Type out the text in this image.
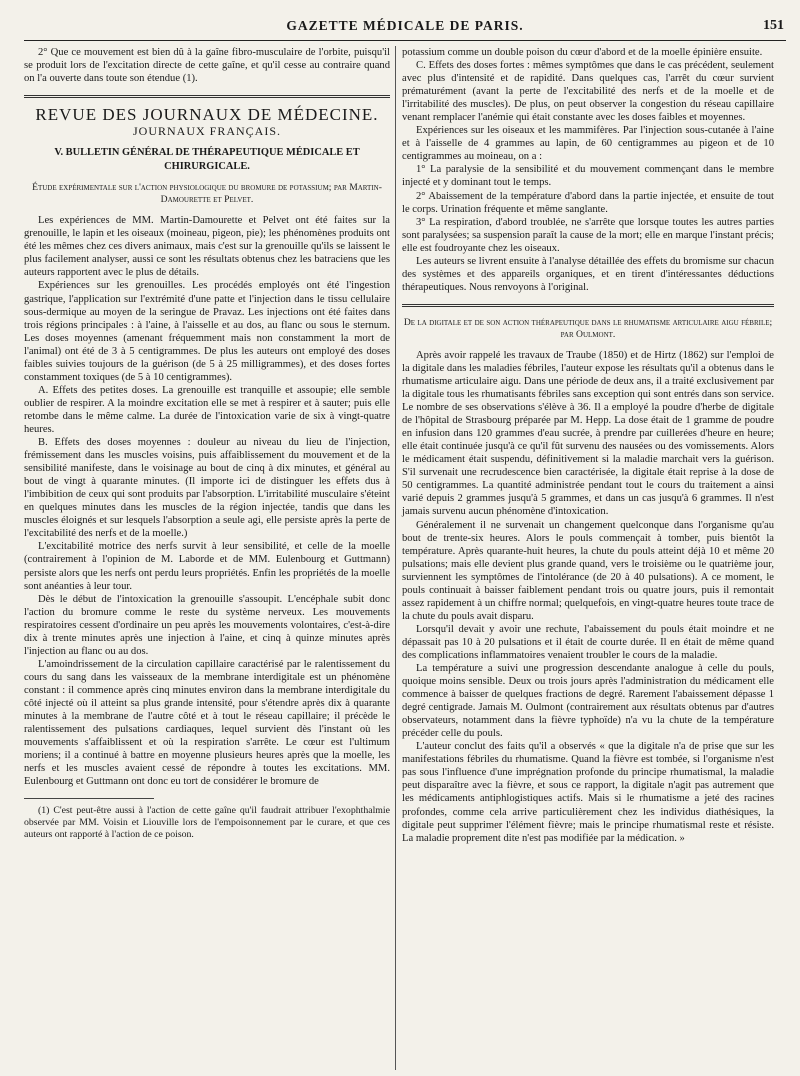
GAZETTE MÉDICALE DE PARIS.	151

2° Que ce mouvement est bien dû à la gaîne fibro-musculaire de l'orbite, puisqu'il se produit lors de l'excitation directe de cette gaîne, et qu'il cesse au contraire quand on l'a ouverte dans toute son étendue (1).

REVUE DES JOURNAUX DE MÉDECINE.
JOURNAUX FRANÇAIS.
V. BULLETIN GÉNÉRAL DE THÉRAPEUTIQUE MÉDICALE ET CHIRURGICALE.
Étude expérimentale sur l'action physiologique du bromure de potassium; par Martin-Damourette et Pelvet.

Les expériences de MM. Martin-Damourette et Pelvet ont été faites sur la grenouille, le lapin et les oiseaux (moineau, pigeon, pie); les phénomènes produits ont été les mêmes chez ces divers animaux, mais c'est sur la grenouille qu'ils se laissent le plus facilement analyser, aussi ce sont les résultats obtenus chez les batraciens que les auteurs rapportent avec le plus de détails.

Expériences sur les grenouilles. Les procédés employés ont été l'ingestion gastrique, l'application sur l'extrémité d'une patte et l'injection dans le tissu cellulaire sous-dermique au moyen de la seringue de Pravaz. Les injections ont été faites dans trois régions principales : à l'aine, à l'aisselle et au dos, au flanc ou sous le sternum. Les doses moyennes (amenant fréquemment mais non constamment la mort de l'animal) ont été de 3 à 5 centigrammes. De plus les auteurs ont employé des doses faibles suivies toujours de la guérison (de 5 à 25 milligrammes), et des doses fortes constamment toxiques (de 5 à 10 centigrammes).

A. Effets des petites doses. La grenouille est tranquille et assoupie; elle semble oublier de respirer. A la moindre excitation elle se met à respirer et à sauter; puis elle retombe dans le même calme. La durée de l'intoxication varie de six à vingt-quatre heures.

B. Effets des doses moyennes : douleur au niveau du lieu de l'injection, frémissement dans les muscles voisins, puis affaiblissement du mouvement et de la sensibilité manifeste, dans le voisinage au bout de cinq à dix minutes, et général au bout de vingt à quarante minutes. (Il importe ici de distinguer les effets dus à l'imbibition de ceux qui sont produits par l'absorption. L'irritabilité musculaire s'éteint en quelques minutes dans les muscles de la région injectée, tandis que dans les muscles éloignés et sur lesquels l'absorption a seule agi, elle persiste après la perte de l'excitabilité des nerfs et de la moelle.)

L'excitabilité motrice des nerfs survit à leur sensibilité, et celle de la moelle (contrairement à l'opinion de M. Laborde et de MM. Eulenbourg et Guttmann) persiste alors que les nerfs ont perdu leurs propriétés. Enfin les propriétés de la moelle sont anéanties à leur tour.

Dès le début de l'intoxication la grenouille s'assoupit. L'encéphale subit donc l'action du bromure comme le reste du système nerveux. Les mouvements respiratoires cessent d'ordinaire un peu après les mouvements volontaires, c'est-à-dire dix à trente minutes après une injection à l'aine, et cinq à quinze minutes après l'injection au flanc ou au dos.

L'amoindrissement de la circulation capillaire caractérisé par le ralentissement du cours du sang dans les vaisseaux de la membrane interdigitale est un phénomène constant : il commence après cinq minutes environ dans la membrane interdigitale du côté injecté où il atteint sa plus grande intensité, pour s'étendre après dix à quarante minutes à la membrane de l'autre côté et à tout le réseau capillaire; il précède le ralentissement des pulsations cardiaques, lequel survient dès l'instant où les mouvements s'affaiblissent et où la respiration s'arrête. Le cœur est l'ultimum moriens; il a continué à battre en moyenne plusieurs heures après que la moelle, les nerfs et les muscles avaient cessé de répondre à toutes les excitations. MM. Eulenbourg et Guttmann ont donc eu tort de considérer le bromure de

(1) C'est peut-être aussi à l'action de cette gaîne qu'il faudrait attribuer l'exophthalmie observée par MM. Voisin et Liouville lors de l'empoisonnement par le curare, et que ces auteurs ont rapporté à l'action de ce poison.

potassium comme un double poison du cœur d'abord et de la moelle épinière ensuite.

C. Effets des doses fortes : mêmes symptômes que dans le cas précédent, seulement avec plus d'intensité et de rapidité. Dans quelques cas, l'arrêt du cœur survient prématurément (avant la perte de l'excitabilité des nerfs et de la moelle et de l'irritabilité des muscles). De plus, on peut observer la congestion du réseau capillaire venant remplacer l'anémie qui était constante avec les doses faibles et moyennes.

Expériences sur les oiseaux et les mammifères. Par l'injection sous-cutanée à l'aine et à l'aisselle de 4 grammes au lapin, de 60 centigrammes au pigeon et de 10 centigrammes au moineau, on a :

1° La paralysie de la sensibilité et du mouvement commençant dans le membre injecté et y dominant tout le temps.

2° Abaissement de la température d'abord dans la partie injectée, et ensuite de tout le corps. Urination fréquente et même sanglante.

3° La respiration, d'abord troublée, ne s'arrête que lorsque toutes les autres parties sont paralysées; sa suspension paraît la cause de la mort; elle en marque l'instant précis; elle est foudroyante chez les oiseaux.

Les auteurs se livrent ensuite à l'analyse détaillée des effets du bromisme sur chacun des systèmes et des appareils organiques, et en tirent d'intéressantes déductions thérapeutiques. Nous renvoyons à l'original.

De la digitale et de son action thérapeutique dans le rhumatisme articulaire aigu fébrile; par Oulmont.

Après avoir rappelé les travaux de Traube (1850) et de Hirtz (1862) sur l'emploi de la digitale dans les maladies fébriles, l'auteur expose les résultats qu'il a obtenus dans le rhumatisme articulaire aigu. Dans une période de deux ans, il a traité exclusivement par la digitale tous les rhumatisants fébriles sans exception qui sont entrés dans son service. Le nombre de ses observations s'élève à 36. Il a employé la poudre d'herbe de digitale de l'hôpital de Strasbourg préparée par M. Hepp. La dose était de 1 gramme de poudre en infusion dans 120 grammes d'eau sucrée, à prendre par cuillerées d'heure en heure; elle était continuée jusqu'à ce qu'il fût survenu des nausées ou des vomissements. Alors le médicament était suspendu, définitivement si la maladie marchait vers la guérison. S'il survenait une recrudescence bien caractérisée, la digitale était reprise à la dose de 50 centigrammes. La quantité administrée pendant tout le cours du traitement a ainsi varié depuis 2 grammes jusqu'à 5 grammes, et dans un cas jusqu'à 6 grammes. Il n'est jamais survenu aucun phénomène d'intoxication.

Généralement il ne survenait un changement quelconque dans l'organisme qu'au bout de trente-six heures. Alors le pouls commençait à tomber, puis bientôt la température. Après quarante-huit heures, la chute du pouls atteint déjà 10 et même 20 pulsations; mais elle devient plus grande quand, vers le troisième ou le quatrième jour, surviennent les symptômes de l'intolérance (de 20 à 40 pulsations). A ce moment, le pouls continuait à baisser faiblement pendant trois ou quatre jours, puis il remontait assez rapidement à un chiffre normal; quelquefois, en vingt-quatre heures toute trace de la chute du pouls avait disparu.

Lorsqu'il devait y avoir une rechute, l'abaissement du pouls était moindre et ne dépassait pas 10 à 20 pulsations et il était de courte durée. Il en était de même quand des complications inflammatoires venaient troubler le cours de la maladie.

La température a suivi une progression descendante analogue à celle du pouls, quoique moins sensible. Deux ou trois jours après l'administration du médicament elle commence à baisser de quelques fractions de degré. Rarement l'abaissement dépasse 1 degré centigrade. Jamais M. Oulmont (contrairement aux résultats obtenus par d'autres observateurs, notamment dans la fièvre typhoïde) n'a vu la chute de la température précéder celle du pouls.

L'auteur conclut des faits qu'il a observés « que la digitale n'a de prise que sur les manifestations fébriles du rhumatisme. Quand la fièvre est tombée, si l'organisme n'est pas sous l'influence d'une imprégnation profonde du principe rhumatismal, la maladie peut disparaître avec la fièvre, et sous ce rapport, la digitale n'agit pas autrement que les médicaments antiphlogistiques actifs. Mais si le rhumatisme a jeté des racines profondes, comme cela arrive particulièrement chez les individus diathésiques, la digitale peut supprimer l'élément fièvre; mais le principe rhumatismal reste et résiste. La maladie proprement dite n'est pas modifiée par la médication. »
